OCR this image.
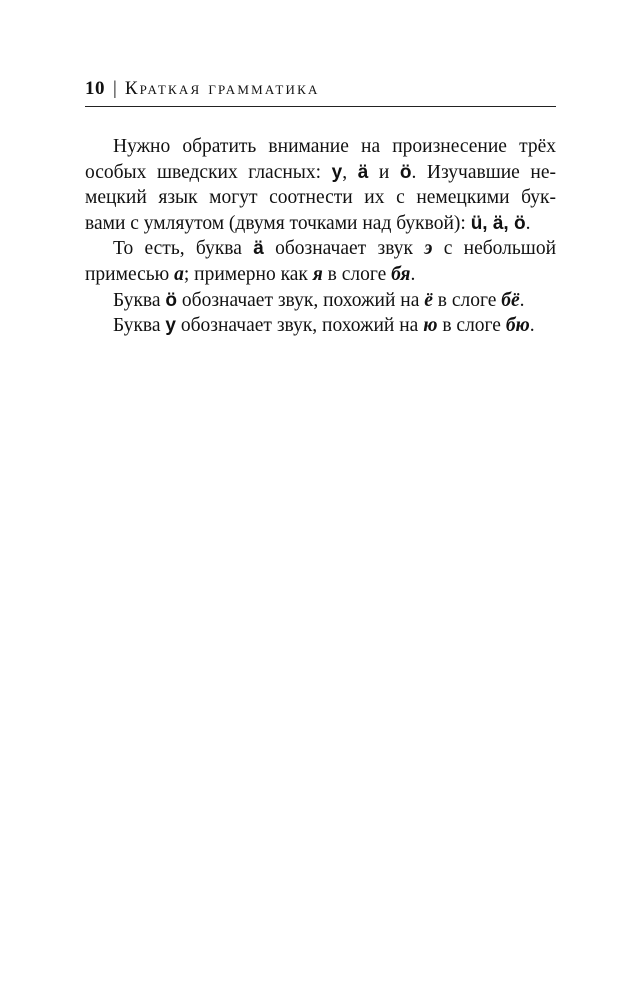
10 | Краткая грамматика
Нужно обратить внимание на произнесение трёх
особых шведских гласных: y, ä и ö. Изучавшие не-
мецкий язык могут соотнести их с немецкими бук-
вами с умляутом (двумя точками над буквой): ü, ä, ö.
То есть, буква ä обозначает звук э с небольшой
примесью а; примерно как я в слоге бя.
Буква ö обозначает звук, похожий на ё в слоге бё.
Буква y обозначает звук, похожий на ю в слоге бю.
